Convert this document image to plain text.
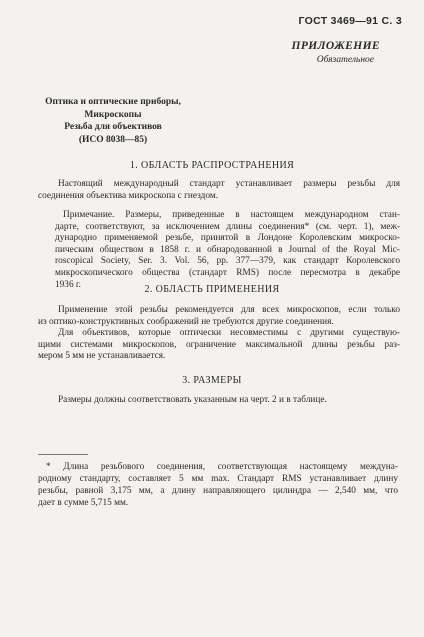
ГОСТ 3469—91 С. 3
ПРИЛОЖЕНИЕ
Обязательное
Оптика и оптические приборы,
Микроскопы
Резьба для объективов
(ИСО 8038—85)
1. ОБЛАСТЬ РАСПРОСТРАНЕНИЯ
Настоящий международный стандарт устанавливает размеры резьбы для
соединения объектива микроскопа с гнездом.
Примечание. Размеры, приведенные в настоящем международном стан-
дарте, соответствуют, за исключением длины соединения* (см. черт. 1), меж-
дународно применяемой резьбе, принятой в Лондоне Королевским микроско-
пическим обществом в 1858 г. и обнародованной в Journal of the Royal Mic-
roscopical Society, Ser. 3. Vol. 56, pp. 377—379, как стандарт Королевского
микроскопического общества (стандарт RMS) после пересмотра в декабре
1936 г.	2. ОБЛАСТЬ ПРИМЕНЕНИЯ
Применение этой резьбы рекомендуется для всех микроскопов, если только
из оптико-конструктивных соображений не требуются другие соединения.
Для объективов, которые оптически несовместимы с другими существую-
щими системами микроскопов, ограничение максимальной длины резьбы раз-
мером 5 мм не устанавливается.
3. РАЗМЕРЫ
Размеры должны соответствовать указанным на черт. 2 и в таблице.
* Длина резьбового соединения, соответствующая настоящему междуна-
родному стандарту, составляет 5 мм max. Стандарт RMS устанавливает длину
резьбы, равной 3,175 мм, а длину направляющего цилиндра — 2,540 мм, что
дает в сумме 5,715 мм.
